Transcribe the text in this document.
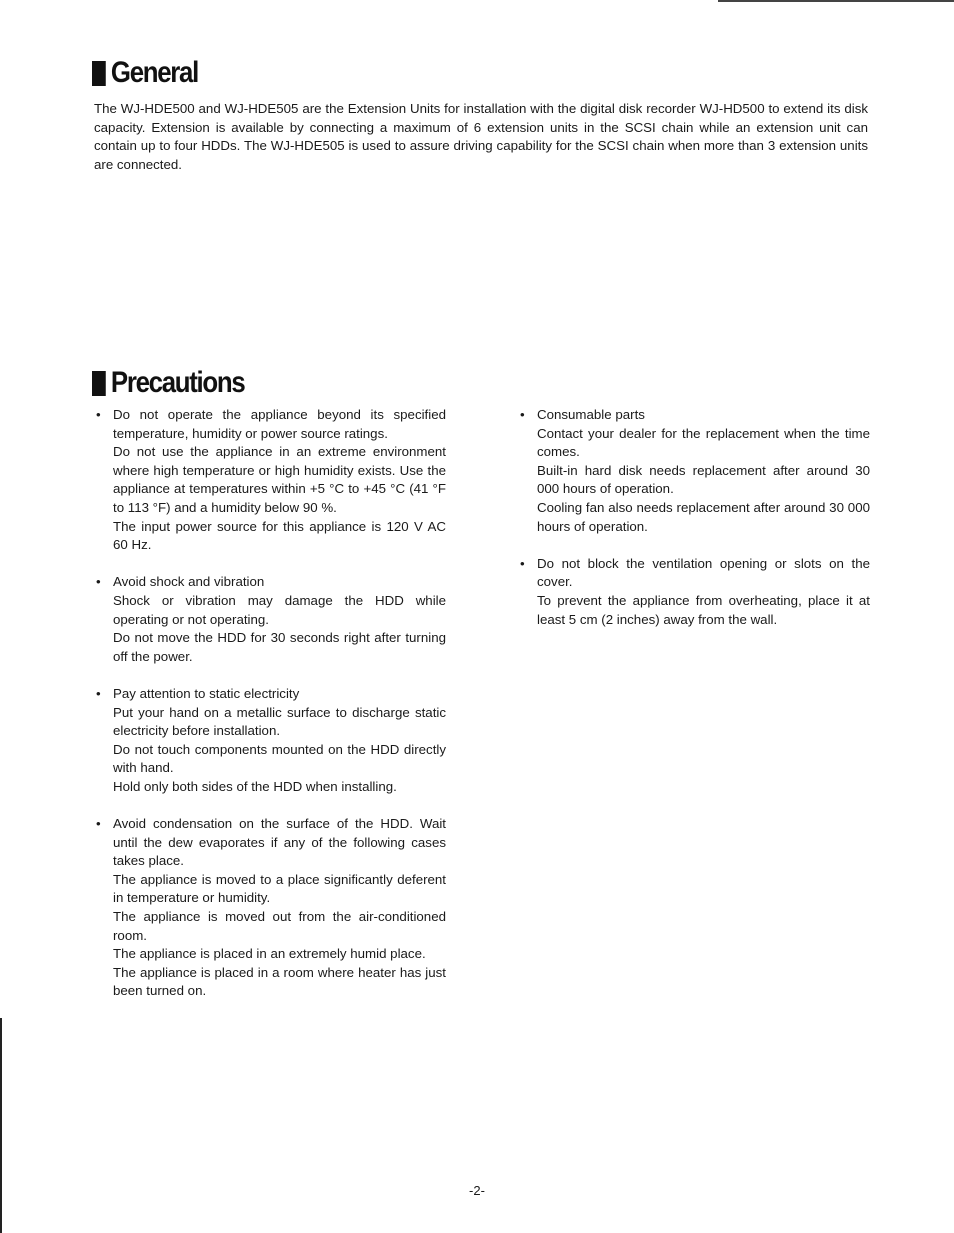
General

The WJ-HDE500 and WJ-HDE505 are the Extension Units for installation with the digital disk recorder WJ-HD500 to extend its disk capacity. Extension is available by connecting a maximum of 6 extension units in the SCSI chain while an extension unit can contain up to four HDDs. The WJ-HDE505 is used to assure driving capability for the SCSI chain when more than 3 extension units are connected.

Precautions
• Do not operate the appliance beyond its specified temperature, humidity or power source ratings.

Do not use the appliance in an extreme environment where high temperature or high humidity exists. Use the appliance at temperatures within +5 °C to +45 °C (41 °F to 113 °F) and a humidity below 90 %.

The input power source for this appliance is 120 V AC 60 Hz.

• Avoid shock and vibration

Shock or vibration may damage the HDD while operating or not operating.

Do not move the HDD for 30 seconds right after turning off the power.

• Pay attention to static electricity

Put your hand on a metallic surface to discharge static electricity before installation.

Do not touch components mounted on the HDD directly with hand.

Hold only both sides of the HDD when installing.

• Avoid condensation on the surface of the HDD. Wait until the dew evaporates if any of the following cases takes place.

The appliance is moved to a place significantly deferent in temperature or humidity.

The appliance is moved out from the air-conditioned room.

The appliance is placed in an extremely humid place.

The appliance is placed in a room where heater has just been turned on.

• Consumable parts

Contact your dealer for the replacement when the time comes.

Built-in hard disk needs replacement after around 30 000 hours of operation.

Cooling fan also needs replacement after around 30 000 hours of operation.

• Do not block the ventilation opening or slots on the cover.

To prevent the appliance from overheating, place it at least 5 cm (2 inches) away from the wall.

-2-
